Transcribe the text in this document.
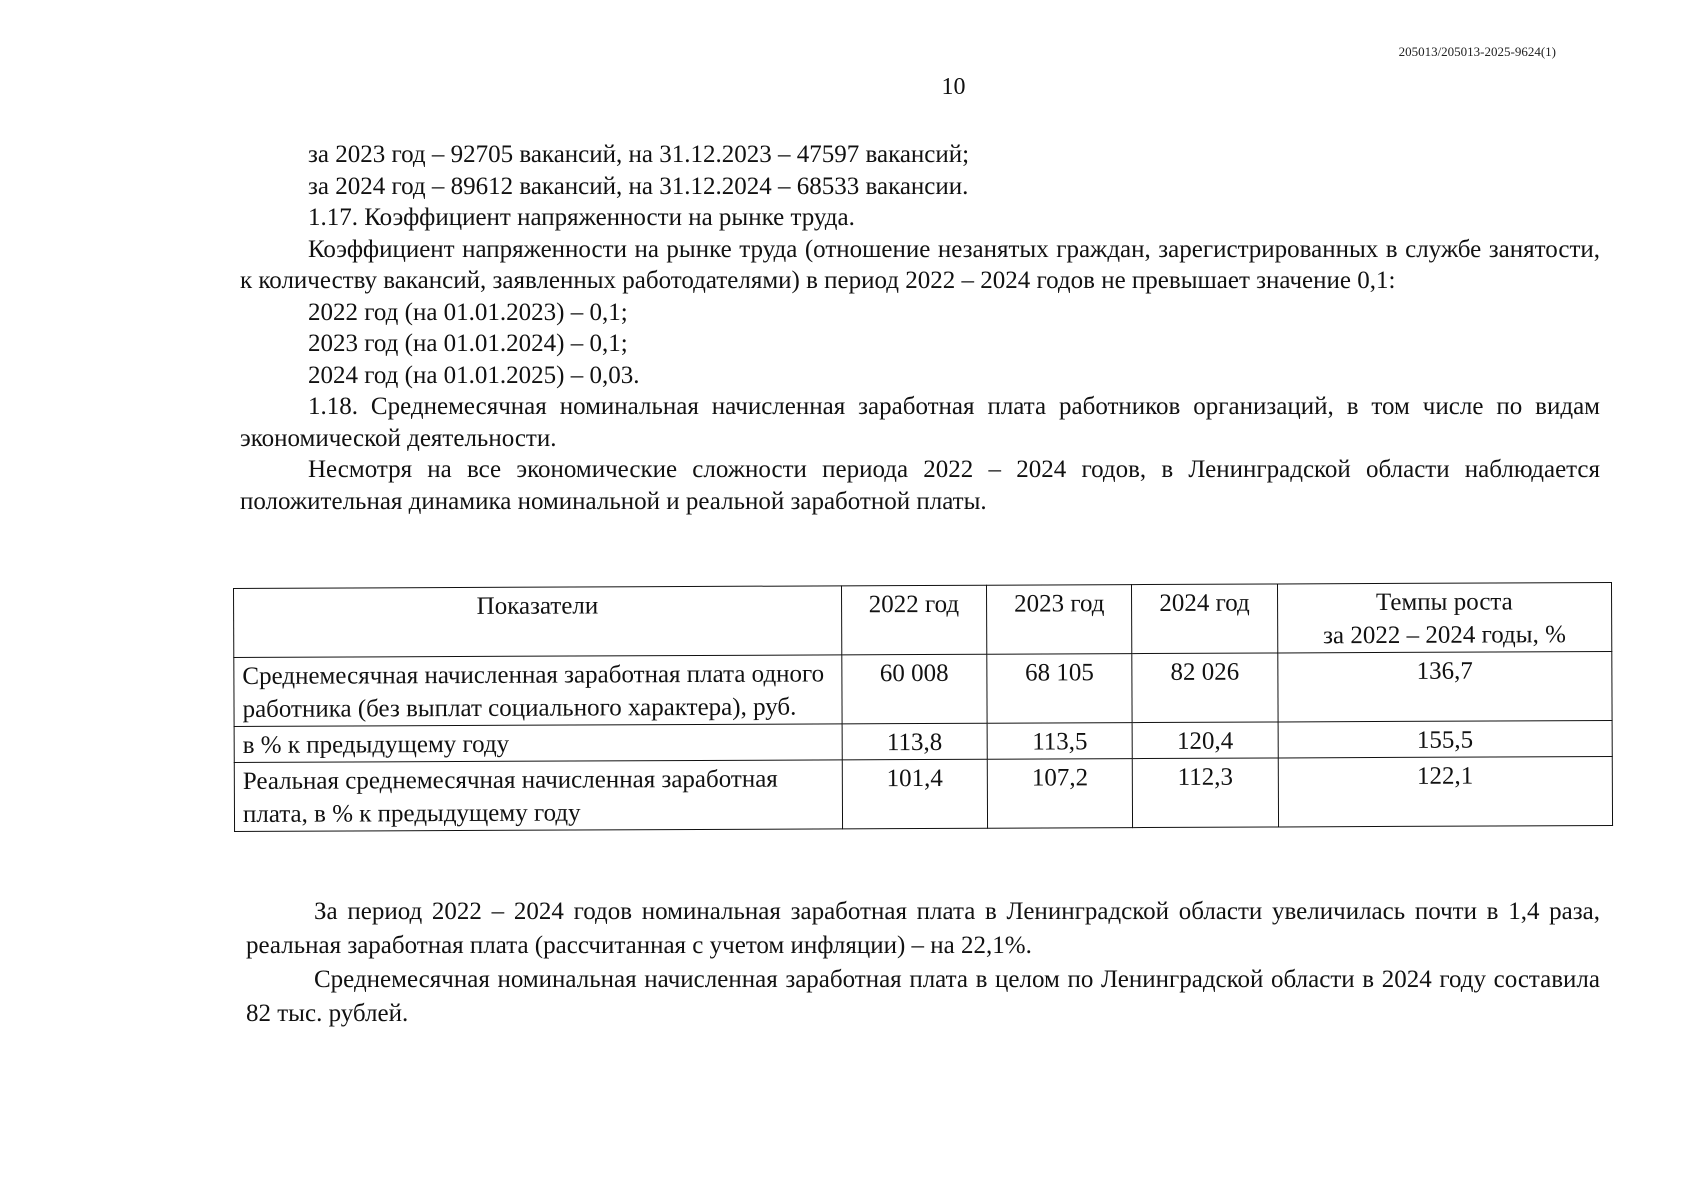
205013/205013-2025-9624(1)
10

за 2023 год – 92705 вакансий, на 31.12.2023 – 47597 вакансий;

за 2024 год – 89612 вакансий, на 31.12.2024 – 68533 вакансии.

1.17. Коэффициент напряженности на рынке труда.

Коэффициент напряженности на рынке труда (отношение незанятых граждан, зарегистрированных в службе занятости, к количеству вакансий, заявленных работодателями) в период 2022 – 2024 годов не превышает значение 0,1:

2022 год (на 01.01.2023) – 0,1;

2023 год (на 01.01.2024) – 0,1;

2024 год (на 01.01.2025) – 0,03.

1.18. Среднемесячная номинальная начисленная заработная плата работников организаций, в том числе по видам экономической деятельности.

Несмотря на все экономические сложности периода 2022 – 2024 годов, в Ленинградской области наблюдается положительная динамика номинальной и реальной заработной платы.

Показатели	2022 год	2023 год	2024 год	Темпы роста
за 2022 – 2024 годы, %
Среднемесячная начисленная заработная плата одного работника (без выплат социального характера), руб.	60 008	68 105	82 026	136,7
в % к предыдущему году	113,8	113,5	120,4	155,5
Реальная среднемесячная начисленная заработная плата, в % к предыдущему году	101,4	107,2	112,3	122,1

За период 2022 – 2024 годов номинальная заработная плата в Ленинградской области увеличилась почти в 1,4 раза, реальная заработная плата (рассчитанная с учетом инфляции) – на 22,1%.

Среднемесячная номинальная начисленная заработная плата в целом по Ленинградской области в 2024 году составила 82 тыс. рублей.
